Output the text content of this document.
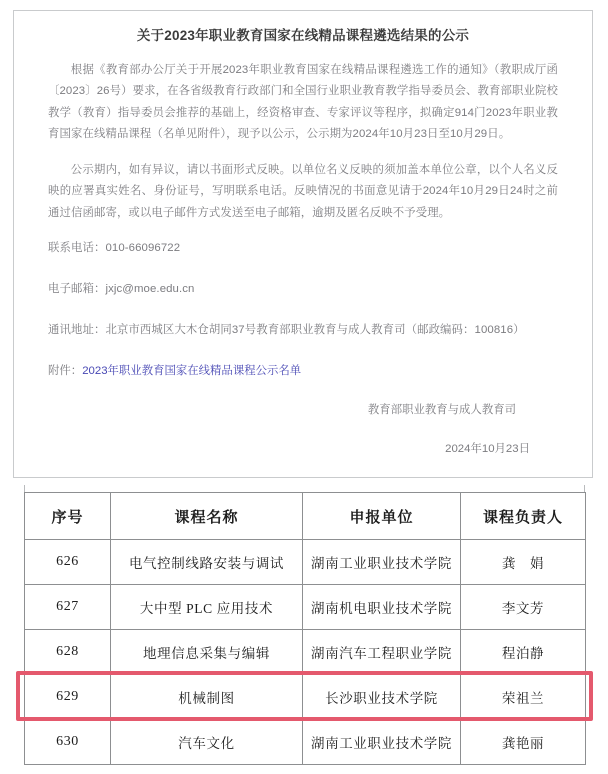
关于2023年职业教育国家在线精品课程遴选结果的公示

根据《教育部办公厅关于开展2023年职业教育国家在线精品课程遴选工作的通知》（教职成厅函〔2023〕26号）要求，在各省级教育行政部门和全国行业职业教育教学指导委员会、教育部职业院校教学（教育）指导委员会推荐的基础上，经资格审查、专家评议等程序，拟确定914门2023年职业教育国家在线精品课程（名单见附件），现予以公示，公示期为2024年10月23日至10月29日。

公示期内，如有异议，请以书面形式反映。以单位名义反映的须加盖本单位公章，以个人名义反映的应署真实姓名、身份证号，写明联系电话。反映情况的书面意见请于2024年10月29日24时之前通过信函邮寄，或以电子邮件方式发送至电子邮箱，逾期及匿名反映不予受理。

联系电话：010-66096722
电子邮箱：jxjc@moe.edu.cn
通讯地址：北京市西城区大木仓胡同37号教育部职业教育与成人教育司（邮政编码：100816）
附件：2023年职业教育国家在线精品课程公示名单
教育部职业教育与成人教育司
2024年10月23日
序号	课程名称	申报单位	课程负责人
626	电气控制线路安装与调试	湖南工业职业技术学院	龚　娟
627	大中型 PLC 应用技术	湖南机电职业技术学院	李文芳
628	地理信息采集与编辑	湖南汽车工程职业学院	程泊静
629	机械制图	长沙职业技术学院	荣祖兰
630	汽车文化	湖南工业职业技术学院	龚艳丽
